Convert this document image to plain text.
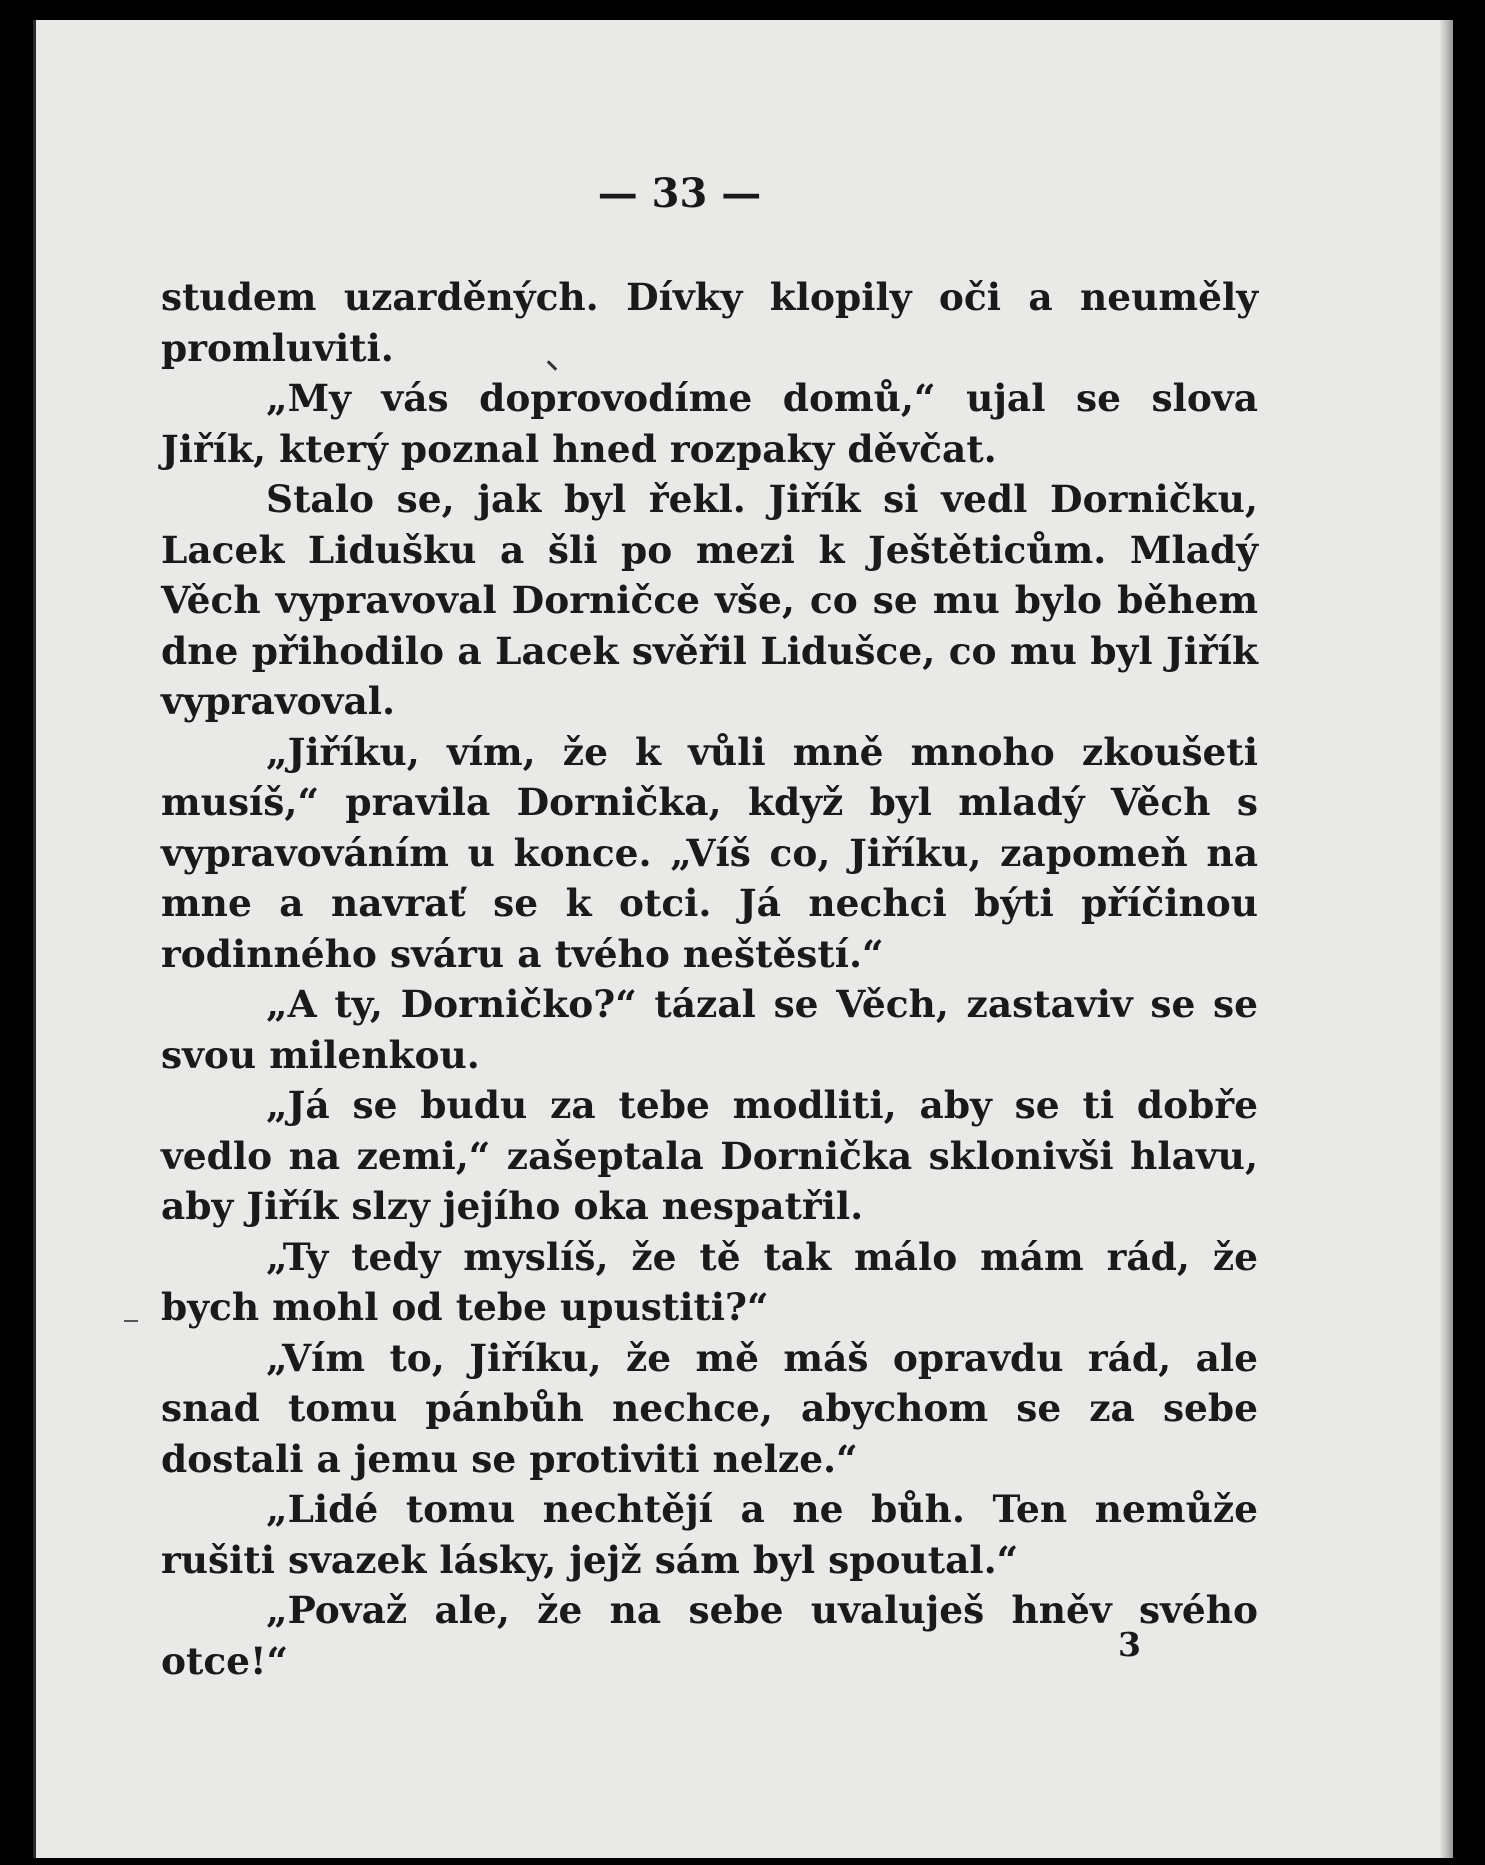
— 33 —

studem uzarděných. Dívky klopily oči a neuměly promluviti.

„My vás doprovodíme domů,“ ujal se slova Jiřík, který poznal hned rozpaky děvčat.

Stalo se, jak byl řekl. Jiřík si vedl Dorničku, Lacek Lidušku a šli po mezi k Ještěticům. Mladý Věch vypravoval Dorničce vše, co se mu bylo během dne přihodilo a Lacek svěřil Lidušce, co mu byl Jiřík vypravoval.

„Jiříku, vím, že k vůli mně mnoho zkoušeti musíš,“ pravila Dornička, když byl mladý Věch s vypravováním u konce. „Víš co, Jiříku, zapomeň na mne a navrať se k otci. Já nechci býti příčinou rodinného sváru a tvého neštěstí.“

„A ty, Dorničko?“ tázal se Věch, zastaviv se se svou milenkou.

„Já se budu za tebe modliti, aby se ti dobře vedlo na zemi,“ zašeptala Dornička sklonivši hlavu, aby Jiřík slzy jejího oka nespatřil.

„Ty tedy myslíš, že tě tak málo mám rád, že bych mohl od tebe upustiti?“

„Vím to, Jiříku, že mě máš opravdu rád, ale snad tomu pánbůh nechce, abychom se za sebe dostali a jemu se protiviti nelze.“

„Lidé tomu nechtějí a ne bůh. Ten nemůže rušiti svazek lásky, jejž sám byl spoutal.“

„Považ ale, že na sebe uvaluješ hněv svého otce!“	3
